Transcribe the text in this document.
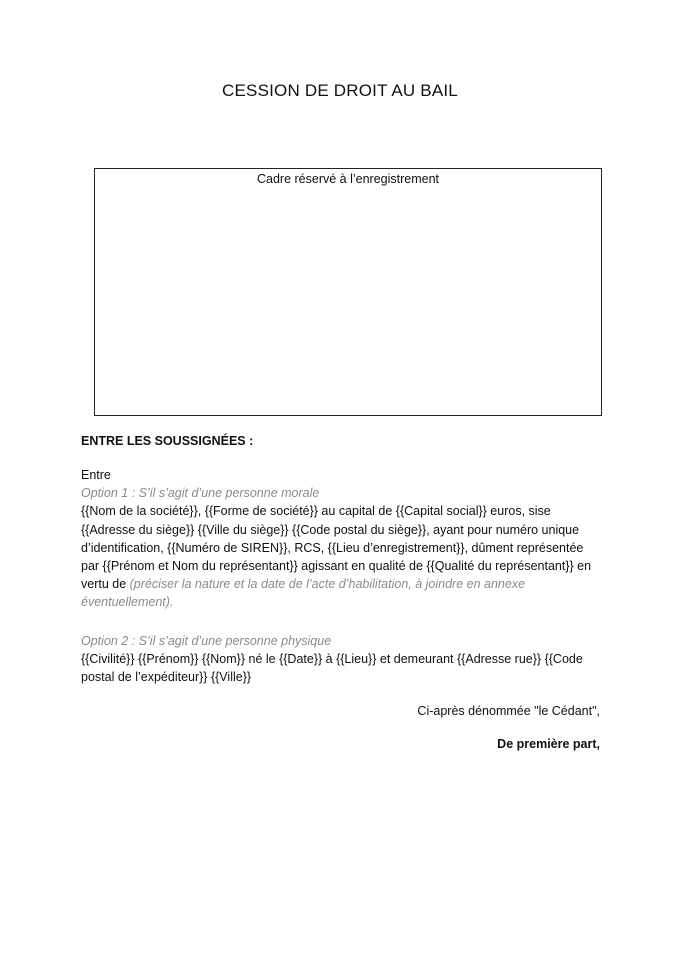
CESSION DE DROIT AU BAIL
Cadre réservé à l’enregistrement

ENTRE LES SOUSSIGNÉES :

Entre

Option 1 : S’il s’agit d’une personne morale

{{Nom de la société}}, {{Forme de société}} au capital de {{Capital social}} euros, sise {{Adresse du siège}} {{Ville du siège}} {{Code postal du siège}}, ayant pour numéro unique d’identification, {{Numéro de SIREN}}, RCS, {{Lieu d’enregistrement}}, dûment représentée par {{Prénom et Nom du représentant}} agissant en qualité de {{Qualité du représentant}} en vertu de (préciser la nature et la date de l’acte d’habilitation, à joindre en annexe éventuellement).

Option 2 : S’il s’agit d’une personne physique

{{Civilité}} {{Prénom}} {{Nom}} né le {{Date}} à {{Lieu}} et demeurant {{Adresse rue}} {{Code postal de l’expéditeur}} {{Ville}}

Ci-après dénommée "le Cédant",

De première part,
